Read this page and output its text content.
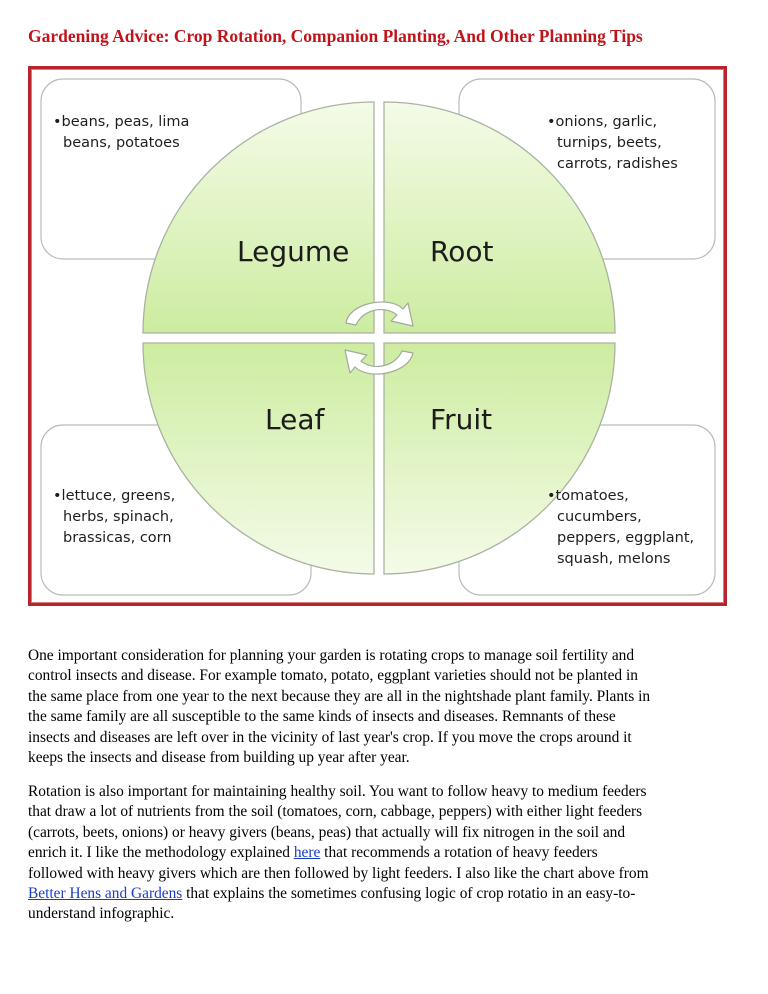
Gardening Advice: Crop Rotation, Companion Planting, And Other Planning Tips
Legume	Root
Leaf	Fruit
•beans, peas, lima
beans, potatoes
•onions, garlic,
turnips, beets,
carrots, radishes
•lettuce, greens,
herbs, spinach,
brassicas, corn
•tomatoes,
cucumbers,
peppers, eggplant,
squash, melons
One important consideration for planning your garden is rotating crops to manage soil fertility and
control insects and disease. For example tomato, potato, eggplant varieties should not be planted in
the same place from one year to the next because they are all in the nightshade plant family. Plants in
the same family are all susceptible to the same kinds of insects and diseases. Remnants of these
insects and diseases are left over in the vicinity of last year's crop. If you move the crops around it
keeps the insects and disease from building up year after year.
Rotation is also important for maintaining healthy soil. You want to follow heavy to medium feeders
that draw a lot of nutrients from the soil (tomatoes, corn, cabbage, peppers) with either light feeders
(carrots, beets, onions) or heavy givers (beans, peas) that actually will fix nitrogen in the soil and
enrich it. I like the methodology explained here that recommends a rotation of heavy feeders
followed with heavy givers which are then followed by light feeders. I also like the chart above from
Better Hens and Gardens that explains the sometimes confusing logic of crop rotatio in an easy-to-
understand infographic.
